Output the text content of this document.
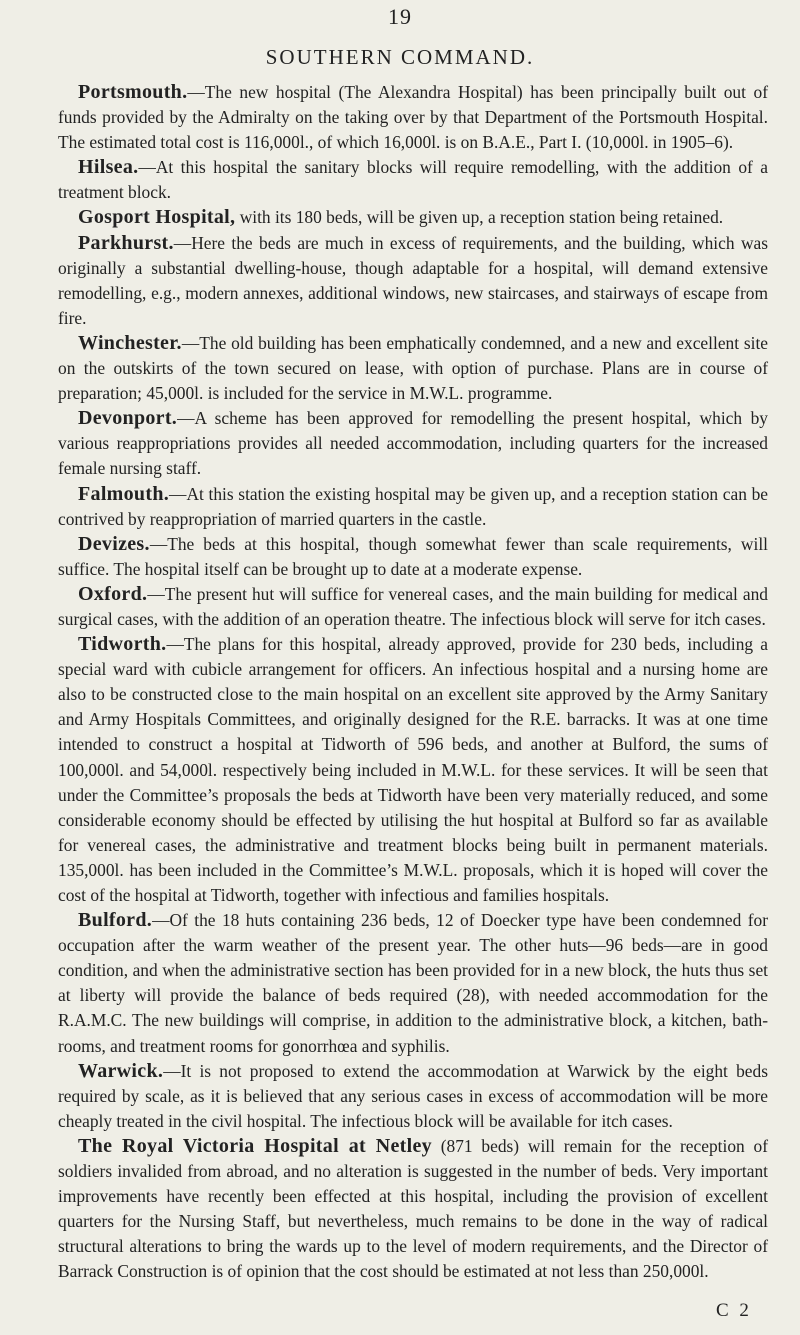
19
SOUTHERN COMMAND.

Portsmouth.—The new hospital (The Alexandra Hospital) has been principally built out of funds provided by the Admiralty on the taking over by that Department of the Portsmouth Hospital. The estimated total cost is 116,000l., of which 16,000l. is on B.A.E., Part I. (10,000l. in 1905–6).

Hilsea.—At this hospital the sanitary blocks will require remodelling, with the addition of a treatment block.

Gosport Hospital, with its 180 beds, will be given up, a reception station being retained.

Parkhurst.—Here the beds are much in excess of requirements, and the building, which was originally a substantial dwelling-house, though adaptable for a hospital, will demand extensive remodelling, e.g., modern annexes, additional windows, new staircases, and stairways of escape from fire.

Winchester.—The old building has been emphatically condemned, and a new and excellent site on the outskirts of the town secured on lease, with option of purchase. Plans are in course of preparation; 45,000l. is included for the service in M.W.L. programme.

Devonport.—A scheme has been approved for remodelling the present hospital, which by various reappropriations provides all needed accommodation, including quarters for the increased female nursing staff.

Falmouth.—At this station the existing hospital may be given up, and a reception station can be contrived by reappropriation of married quarters in the castle.

Devizes.—The beds at this hospital, though somewhat fewer than scale requirements, will suffice. The hospital itself can be brought up to date at a moderate expense.

Oxford.—The present hut will suffice for venereal cases, and the main building for medical and surgical cases, with the addition of an operation theatre. The infectious block will serve for itch cases.

Tidworth.—The plans for this hospital, already approved, provide for 230 beds, including a special ward with cubicle arrangement for officers. An infectious hospital and a nursing home are also to be constructed close to the main hospital on an excellent site approved by the Army Sanitary and Army Hospitals Committees, and originally designed for the R.E. barracks. It was at one time intended to construct a hospital at Tidworth of 596 beds, and another at Bulford, the sums of 100,000l. and 54,000l. respectively being included in M.W.L. for these services. It will be seen that under the Committee’s proposals the beds at Tidworth have been very materially reduced, and some considerable economy should be effected by utilising the hut hospital at Bulford so far as available for venereal cases, the administrative and treatment blocks being built in permanent materials. 135,000l. has been included in the Committee’s M.W.L. proposals, which it is hoped will cover the cost of the hospital at Tidworth, together with infectious and families hospitals.

Bulford.—Of the 18 huts containing 236 beds, 12 of Doecker type have been condemned for occupation after the warm weather of the present year. The other huts—96 beds—are in good condition, and when the administrative section has been provided for in a new block, the huts thus set at liberty will provide the balance of beds required (28), with needed accommodation for the R.A.M.C. The new buildings will comprise, in addition to the administrative block, a kitchen, bath-rooms, and treatment rooms for gonorrhœa and syphilis.

Warwick.—It is not proposed to extend the accommodation at Warwick by the eight beds required by scale, as it is believed that any serious cases in excess of accommodation will be more cheaply treated in the civil hospital. The infectious block will be available for itch cases.

The Royal Victoria Hospital at Netley (871 beds) will remain for the reception of soldiers invalided from abroad, and no alteration is suggested in the number of beds. Very important improvements have recently been effected at this hospital, including the provision of excellent quarters for the Nursing Staff, but nevertheless, much remains to be done in the way of radical structural alterations to bring the wards up to the level of modern requirements, and the Director of Barrack Construction is of opinion that the cost should be estimated at not less than 250,000l.

C 2
